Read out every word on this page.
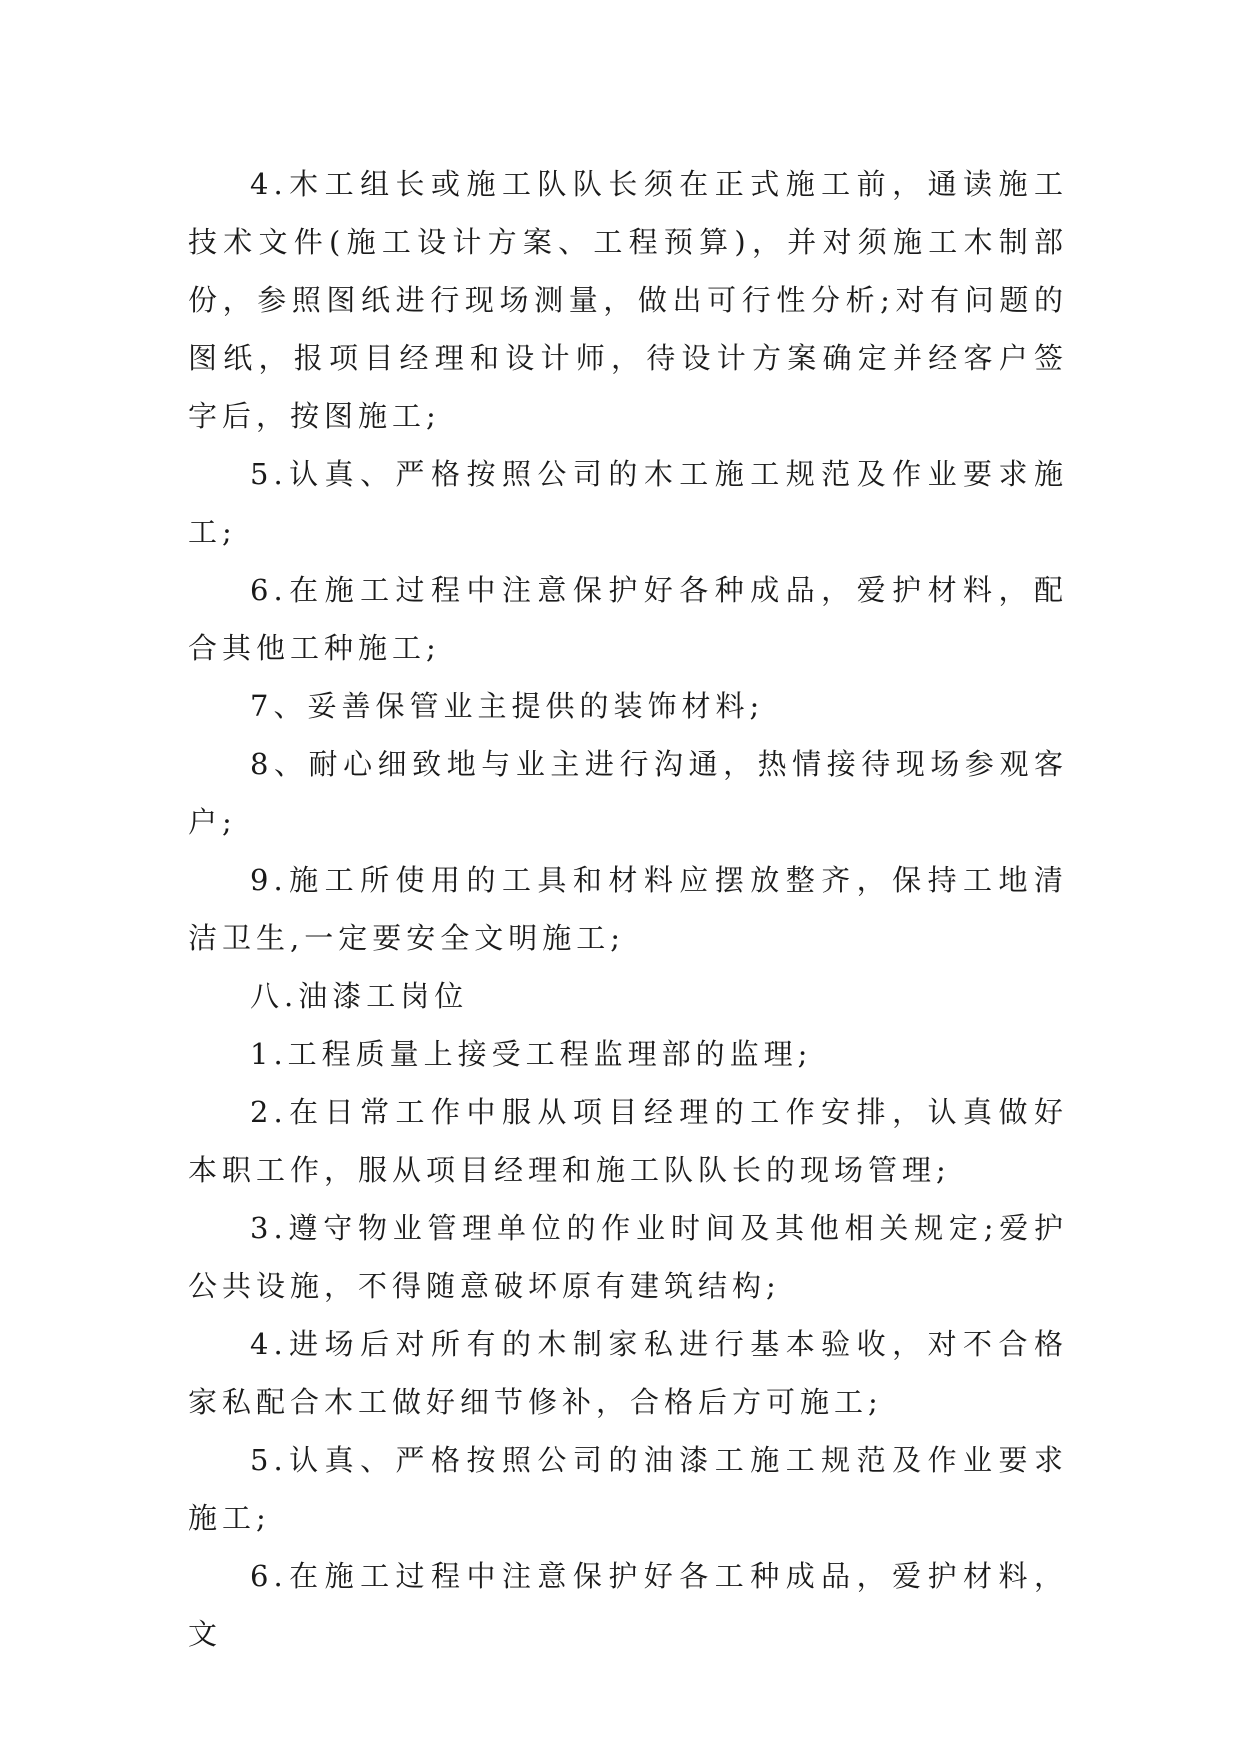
4.木工组长或施工队队长须在正式施工前，通读施工技术文件(施工设计方案、工程预算)，并对须施工木制部份，参照图纸进行现场测量，做出可行性分析;对有问题的图纸，报项目经理和设计师，待设计方案确定并经客户签字后，按图施工;

5.认真、严格按照公司的木工施工规范及作业要求施工;

6.在施工过程中注意保护好各种成品，爱护材料，配合其他工种施工;

7、妥善保管业主提供的装饰材料;

8、耐心细致地与业主进行沟通，热情接待现场参观客户;

9.施工所使用的工具和材料应摆放整齐，保持工地清洁卫生,一定要安全文明施工;

八.油漆工岗位

1.工程质量上接受工程监理部的监理;

2.在日常工作中服从项目经理的工作安排，认真做好本职工作，服从项目经理和施工队队长的现场管理;

3.遵守物业管理单位的作业时间及其他相关规定;爱护公共设施，不得随意破坏原有建筑结构;

4.进场后对所有的木制家私进行基本验收，对不合格家私配合木工做好细节修补，合格后方可施工;

5.认真、严格按照公司的油漆工施工规范及作业要求施工;

6.在施工过程中注意保护好各工种成品，爱护材料，文
